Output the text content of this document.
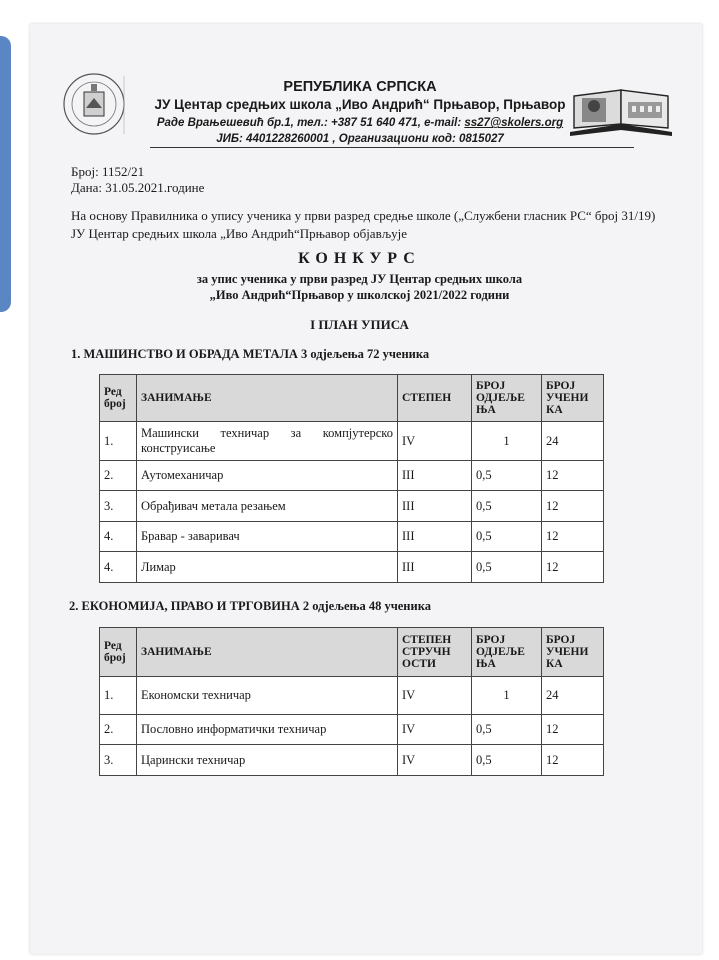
РЕПУБЛИКА СРПСКА
ЈУ Центар средњих школа „Иво Андрић“ Прњавор, Прњавор
Раде Врањешевић бр.1, тел.: +387 51 640 471, e-mail: ss27@skolers.org
ЈИБ: 4401228260001 , Организациони код: 0815027
Број: 1152/21
Дана: 31.05.2021.године
На основу Правилника о упису ученика у први разред средње школе („Службени гласник РС“ број 31/19) ЈУ Центар средњих школа „Иво Андрић“Прњавор објављује
КОНКУРС
за упис ученика у први разред ЈУ Центар средњих школа
„Иво Андрић“Прњавор у школској 2021/2022 години
I ПЛАН УПИСА
1. МАШИНСТВО И ОБРАДА МЕТАЛА 3 одјељења 72 ученика
Ред број	ЗАНИМАЊЕ	СТЕПЕН	БРОЈ ОДЈЕЉЕ ЊА	БРОЈ УЧЕНИ КА
1.	Машински техничар за компјутерско конструисање	IV	1	24
2.	Аутомеханичар	III	0,5	12
3.	Обрађивач метала резањем	III	0,5	12
4.	Бравар - заваривач	III	0,5	12
4.	Лимар	III	0,5	12
2. ЕКОНОМИЈА, ПРАВО И ТРГОВИНА 2 одјељења 48 ученика
Ред број	ЗАНИМАЊЕ	СТЕПЕН СТРУЧН ОСТИ	БРОЈ ОДЈЕЉЕ ЊА	БРОЈ УЧЕНИ КА
1.	Економски техничар	IV	1	24
2.	Пословно информатички техничар	IV	0,5	12
3.	Царински техничар	IV	0,5	12
